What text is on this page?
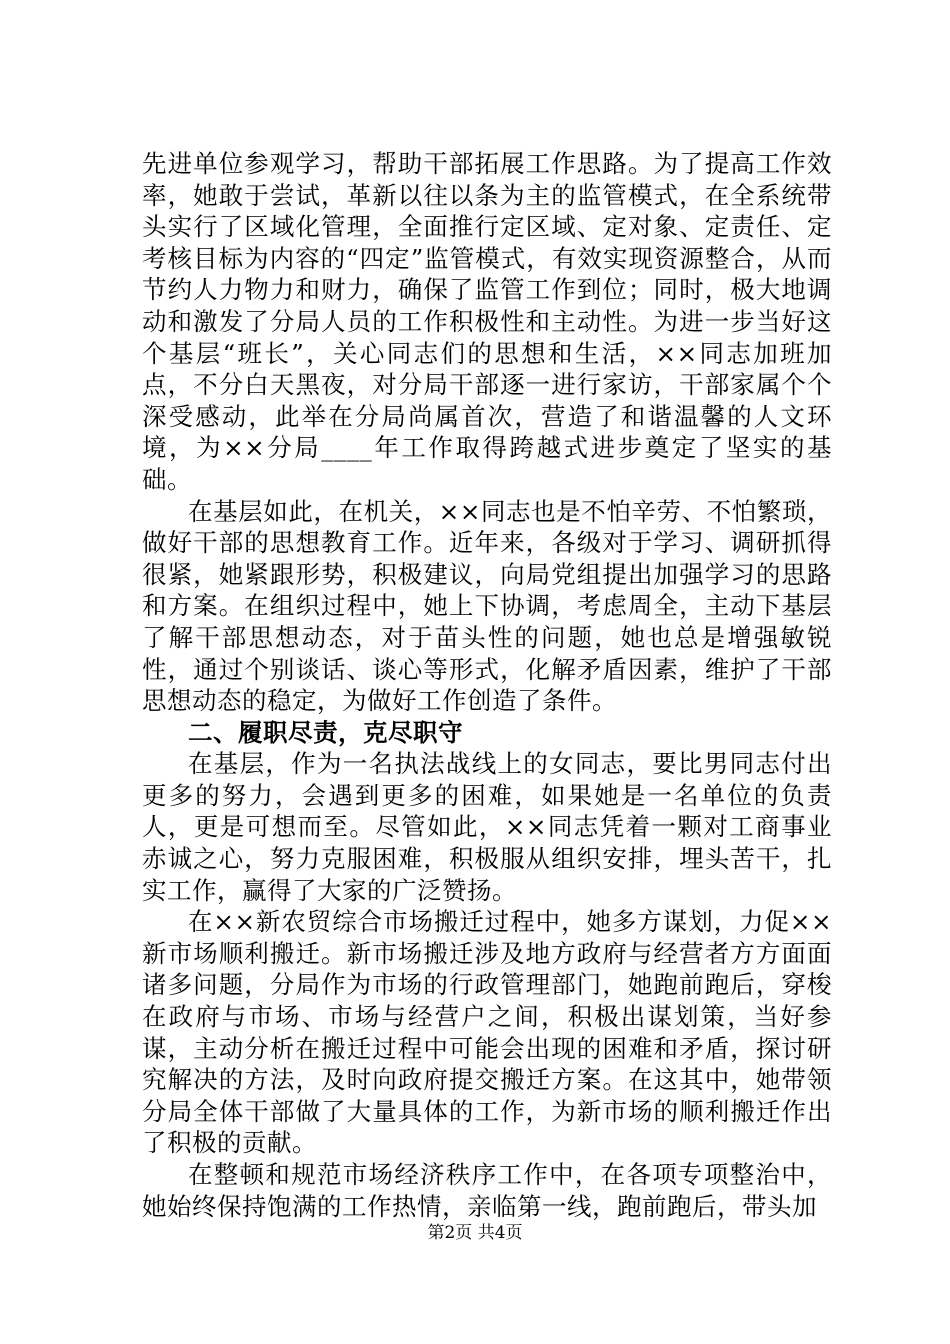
先进单位参观学习，帮助干部拓展工作思路。为了提高工作效率，她敢于尝试，革新以往以条为主的监管模式，在全系统带头实行了区域化管理，全面推行定区域、定对象、定责任、定考核目标为内容的“四定”监管模式，有效实现资源整合，从而节约人力物力和财力，确保了监管工作到位；同时，极大地调动和激发了分局人员的工作积极性和主动性。为进一步当好这个基层“班长”，关心同志们的思想和生活，××同志加班加点，不分白天黑夜，对分局干部逐一进行家访，干部家属个个深受感动，此举在分局尚属首次，营造了和谐温馨的人文环境，为××分局____年工作取得跨越式进步奠定了坚实的基础。

在基层如此，在机关，××同志也是不怕辛劳、不怕繁琐，做好干部的思想教育工作。近年来，各级对于学习、调研抓得很紧，她紧跟形势，积极建议，向局党组提出加强学习的思路和方案。在组织过程中，她上下协调，考虑周全，主动下基层了解干部思想动态，对于苗头性的问题，她也总是增强敏锐性，通过个别谈话、谈心等形式，化解矛盾因素，维护了干部思想动态的稳定，为做好工作创造了条件。

二、履职尽责，克尽职守

在基层，作为一名执法战线上的女同志，要比男同志付出更多的努力，会遇到更多的困难，如果她是一名单位的负责人，更是可想而至。尽管如此，××同志凭着一颗对工商事业赤诚之心，努力克服困难，积极服从组织安排，埋头苦干，扎实工作，赢得了大家的广泛赞扬。

在××新农贸综合市场搬迁过程中，她多方谋划，力促××新市场顺利搬迁。新市场搬迁涉及地方政府与经营者方方面面诸多问题，分局作为市场的行政管理部门，她跑前跑后，穿梭在政府与市场、市场与经营户之间，积极出谋划策，当好参谋，主动分析在搬迁过程中可能会出现的困难和矛盾，探讨研究解决的方法，及时向政府提交搬迁方案。在这其中，她带领分局全体干部做了大量具体的工作，为新市场的顺利搬迁作出了积极的贡献。

在整顿和规范市场经济秩序工作中，在各项专项整治中，她始终保持饱满的工作热情，亲临第一线，跑前跑后，带头加

第2页 共4页
